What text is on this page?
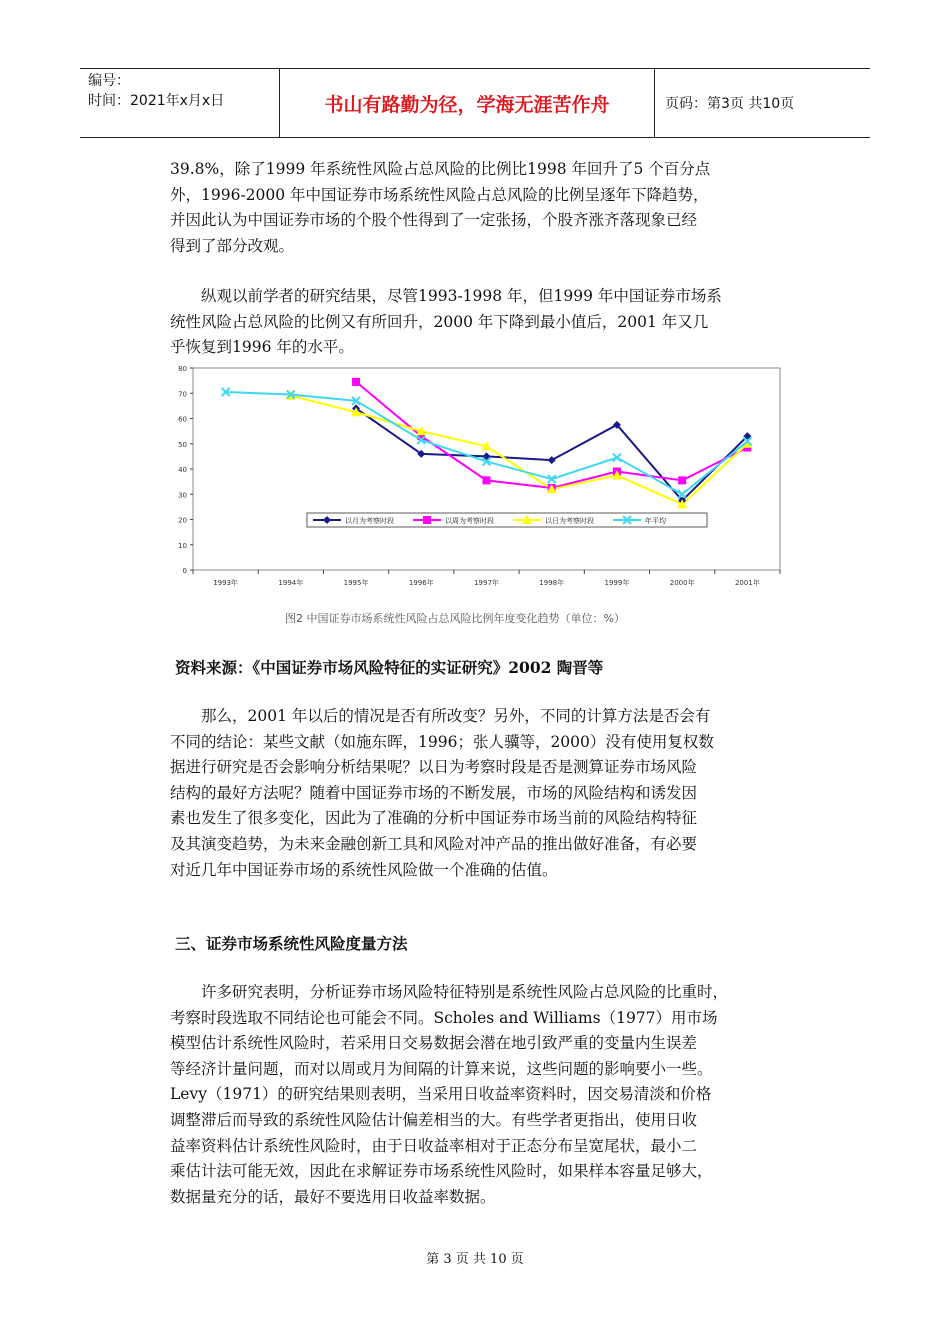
编号：
时间：2021年x月x日	书山有路勤为径，学海无涯苦作舟	页码：第3页 共10页
39.8%，除了1999 年系统性风险占总风险的比例比1998 年回升了5 个百分点
外，1996-2000 年中国证券市场系统性风险占总风险的比例呈逐年下降趋势，
并因此认为中国证券市场的个股个性得到了一定张扬，个股齐涨齐落现象已经
得到了部分改观。
　　纵观以前学者的研究结果，尽管1993-1998 年，但1999 年中国证券市场系
统性风险占总风险的比例又有所回升，2000 年下降到最小值后，2001 年又几
乎恢复到1996 年的水平。
0
10
20
30
40
50
60
70
80
1993年	1994年	1995年	1996年	1997年	1998年	1999年	2000年	2001年
以月为考察时段	以周为考察时段	以日为考察时段	年平均
图2 中国证券市场系统性风险占总风险比例年度变化趋势（单位：%）
资料来源：《中国证券市场风险特征的实证研究》2002 陶晋等
　　那么，2001 年以后的情况是否有所改变？另外，不同的计算方法是否会有
不同的结论：某些文献（如施东晖，1996；张人骥等，2000）没有使用复权数
据进行研究是否会影响分析结果呢？以日为考察时段是否是测算证券市场风险
结构的最好方法呢？随着中国证券市场的不断发展，市场的风险结构和诱发因
素也发生了很多变化，因此为了准确的分析中国证券市场当前的风险结构特征
及其演变趋势，为未来金融创新工具和风险对冲产品的推出做好准备，有必要
对近几年中国证券市场的系统性风险做一个准确的估值。
三、证券市场系统性风险度量方法
　　许多研究表明，分析证券市场风险特征特别是系统性风险占总风险的比重时，
考察时段选取不同结论也可能会不同。Scholes and Williams（1977）用市场
模型估计系统性风险时，若采用日交易数据会潜在地引致严重的变量内生误差
等经济计量问题，而对以周或月为间隔的计算来说，这些问题的影响要小一些。
Levy（1971）的研究结果则表明，当采用日收益率资料时，因交易清淡和价格
调整滞后而导致的系统性风险估计偏差相当的大。有些学者更指出，使用日收
益率资料估计系统性风险时，由于日收益率相对于正态分布呈宽尾状，最小二
乘估计法可能无效，因此在求解证券市场系统性风险时，如果样本容量足够大，
数据量充分的话，最好不要选用日收益率数据。
第 3 页 共 10 页
